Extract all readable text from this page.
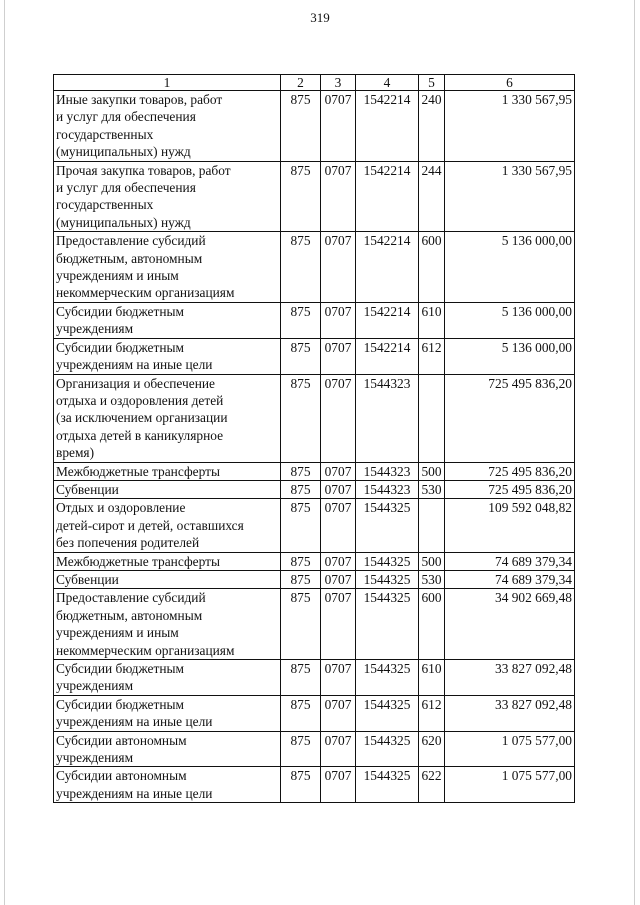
319
1	2	3	4	5	6

Иные закупки товаров, работ
и услуг для обеспечения
государственных
(муниципальных) нужд	875	0707	1542214	240	1 330 567,95

Прочая закупка товаров, работ
и услуг для обеспечения
государственных
(муниципальных) нужд	875	0707	1542214	244	1 330 567,95

Предоставление субсидий
бюджетным, автономным
учреждениям и иным
некоммерческим организациям	875	0707	1542214	600	5 136 000,00

Субсидии бюджетным
учреждениям	875	0707	1542214	610	5 136 000,00

Субсидии бюджетным
учреждениям на иные цели	875	0707	1542214	612	5 136 000,00

Организация и обеспечение
отдыха и оздоровления детей
(за исключением организации
отдыха детей в каникулярное
время)	875	0707	1544323		725 495 836,20

Межбюджетные трансферты	875	0707	1544323	500	725 495 836,20

Субвенции	875	0707	1544323	530	725 495 836,20

Отдых и оздоровление
детей-сирот и детей, оставшихся
без попечения родителей	875	0707	1544325		109 592 048,82

Межбюджетные трансферты	875	0707	1544325	500	74 689 379,34

Субвенции	875	0707	1544325	530	74 689 379,34

Предоставление субсидий
бюджетным, автономным
учреждениям и иным
некоммерческим организациям	875	0707	1544325	600	34 902 669,48

Субсидии бюджетным
учреждениям	875	0707	1544325	610	33 827 092,48

Субсидии бюджетным
учреждениям на иные цели	875	0707	1544325	612	33 827 092,48

Субсидии автономным
учреждениям	875	0707	1544325	620	1 075 577,00

Субсидии автономным
учреждениям на иные цели	875	0707	1544325	622	1 075 577,00
